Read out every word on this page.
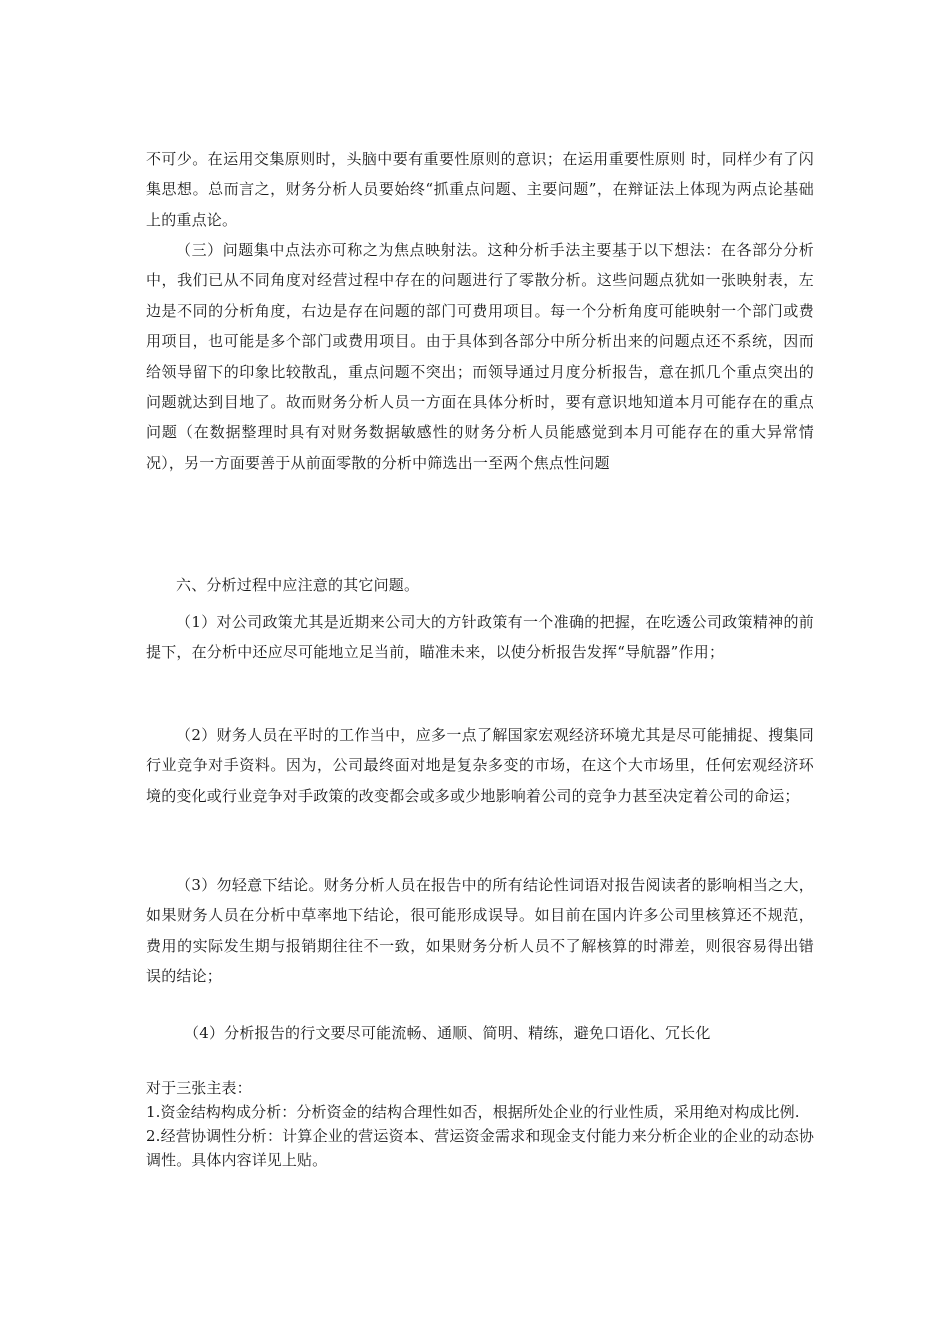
不可少。在运用交集原则时，头脑中要有重要性原则的意识；在运用重要性原则 时，同样少有了闪集思想。总而言之，财务分析人员要始终“抓重点问题、主要问题”，在辩证法上体现为两点论基础上的重点论。

（三）问题集中点法亦可称之为焦点映射法。这种分析手法主要基于以下想法：在各部分分析中，我们已从不同角度对经营过程中存在的问题进行了零散分析。这些问题点犹如一张映射表，左边是不同的分析角度，右边是存在问题的部门可费用项目。每一个分析角度可能映射一个部门或费用项目，也可能是多个部门或费用项目。由于具体到各部分中所分析出来的问题点还不系统，因而给领导留下的印象比较散乱，重点问题不突出；而领导通过月度分析报告，意在抓几个重点突出的问题就达到目地了。故而财务分析人员一方面在具体分析时，要有意识地知道本月可能存在的重点问题（在数据整理时具有对财务数据敏感性的财务分析人员能感觉到本月可能存在的重大异常情况），另一方面要善于从前面零散的分析中筛选出一至两个焦点性问题

六、分析过程中应注意的其它问题。

（1）对公司政策尤其是近期来公司大的方针政策有一个准确的把握，在吃透公司政策精神的前提下，在分析中还应尽可能地立足当前，瞄准未来，以使分析报告发挥“导航器”作用；

（2）财务人员在平时的工作当中，应多一点了解国家宏观经济环境尤其是尽可能捕捉、搜集同行业竞争对手资料。因为，公司最终面对地是复杂多变的市场，在这个大市场里，任何宏观经济环境的变化或行业竞争对手政策的改变都会或多或少地影响着公司的竞争力甚至决定着公司的命运；

（3）勿轻意下结论。财务分析人员在报告中的所有结论性词语对报告阅读者的影响相当之大，如果财务人员在分析中草率地下结论，很可能形成误导。如目前在国内许多公司里核算还不规范，费用的实际发生期与报销期往往不一致，如果财务分析人员不了解核算的时滞差，则很容易得出错误的结论；

（4）分析报告的行文要尽可能流畅、通顺、简明、精练，避免口语化、冗长化

对于三张主表：

1.资金结构构成分析：分析资金的结构合理性如否，根据所处企业的行业性质，采用绝对构成比例.

2.经营协调性分析：计算企业的营运资本、营运资金需求和现金支付能力来分析企业的企业的动态协调性。具体内容详见上贴。
